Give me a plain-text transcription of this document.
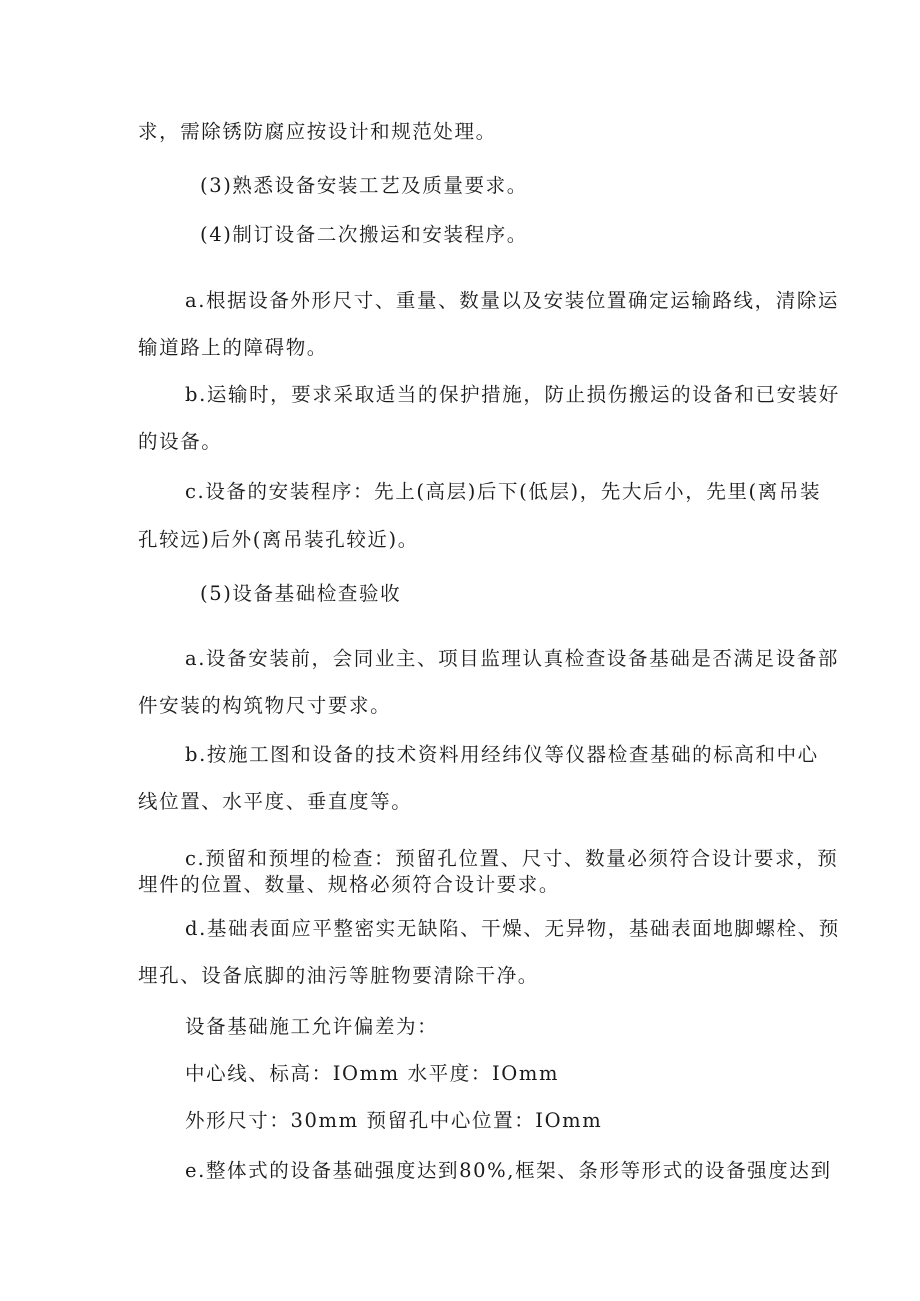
求，需除锈防腐应按设计和规范处理。

(3)熟悉设备安装工艺及质量要求。

(4)制订设备二次搬运和安装程序。

a.根据设备外形尺寸、重量、数量以及安装位置确定运输路线，清除运

输道路上的障碍物。

b.运输时，要求采取适当的保护措施，防止损伤搬运的设备和已安装好

的设备。

c.设备的安装程序：先上(高层)后下(低层)，先大后小，先里(离吊装

孔较远)后外(离吊装孔较近)。

(5)设备基础检查验收

a.设备安装前，会同业主、项目监理认真检查设备基础是否满足设备部

件安装的构筑物尺寸要求。

b.按施工图和设备的技术资料用经纬仪等仪器检查基础的标高和中心

线位置、水平度、垂直度等。

c.预留和预埋的检查：预留孔位置、尺寸、数量必须符合设计要求，预

埋件的位置、数量、规格必须符合设计要求。

d.基础表面应平整密实无缺陷、干燥、无异物，基础表面地脚螺栓、预

埋孔、设备底脚的油污等脏物要清除干净。

设备基础施工允许偏差为：

中心线、标高：IOmm 水平度：IOmm

外形尺寸：30mm 预留孔中心位置：IOmm

e.整体式的设备基础强度达到80%,框架、条形等形式的设备强度达到
